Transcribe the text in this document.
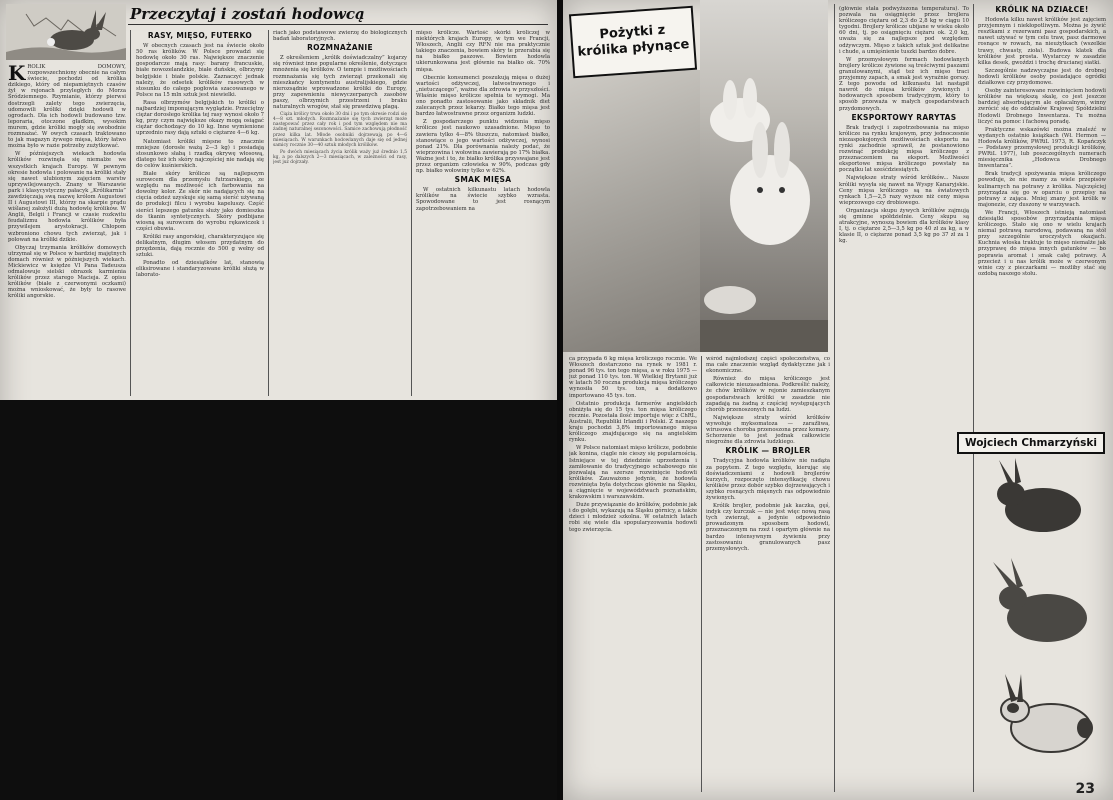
Przeczytaj i zostań hodowcą
K RÓLIK DOMOWY, rozpowszechniony obecnie na całym świecie, pochodzi od królika dzikiego, który od niepamiętnych czasów żył w rejonach przyległych do Morza Śródziemnego. Rzymianie, którzy pierwsi dostrzegli zalety tego zwierzęcia, udomowili króliki dzięki hodowli w ogrodach. Dla ich hodowli budowano tzw. leporaria, otoczone gładkim, wysokim murem, gdzie króliki mogły się swobodnie rozmnażać. W owych czasach traktowano to jak magazyn żywego mięsa, który łatwo można było w razie potrzeby zużytkować.

W późniejszych wiekach hodowla królików rozwinęła się niemalże we wszystkich krajach Europy. W pewnym okresie hodowla i polowanie na króliki stały się nawet ulubionym zajęciem warstw uprzywilejowanych. Znany w Warszawie park i klasycystyczny pałacyk „Królikarnia” zawdzięczają swą nazwę królom Augustowi II i Augustowi III, którzy na skarpie prądu wiślanej założyli dużą hodowlę królików. W Anglii, Belgii i Francji w czasie rozkwitu feudalizmu hodowla królików była przywilejem arystokracji. Chłopom wzbroniono chowu tych zwierząt, jak i polowań na króliki dzikie.

Obyczaj trzymania królików domowych utrzymał się w Polsce w bardziej majętnych domach również w późniejszych wiekach. Mickiewicz w księdze VI Pana Tadeusza odmalowuje sielski obrazek karmienia królików przez starego Macieja. Z opisu królików (białe z czerwonymi oczkami) można wnioskować, że były to rasowe króliki angorskie.

RASY, MIĘSO, FUTERKO

W obecnych czasach jest na świecie około 50 ras królików. W Polsce prowadzi się hodowlę około 30 ras. Największe znaczenie gospodarcze mają rasy: barany francuskie, białe nowozelandzkie, białe duńskie, olbrzymy belgijskie i białe polskie. Zaznaczyć jednak należy, że odsetek królików rasowych w stosunku do całego pogłowia szacowanego w Polsce na 15 mln sztuk jest niewielki.

Rasa olbrzymów belgijskich to króliki o najbardziej imponującym wyglądzie. Przeciętny ciężar dorosłego królika tej rasy wynosi około 7 kg, przy czym największe okazy mogą osiągać ciężar dochodzący do 10 kg. Inne wymienione uprzednio rasy dają sztuki o ciężarze 4—6 kg.

Natomiast króliki mięsne to znacznie mniejsze (dorosłe ważą 2—3 kg) i posiadają stosunkowo słabą i rzadką okrywę włosową, dlatego też ich skóry najczęściej nie nadają się do celów kuśnierskich.

Białe skóry królicze są najlepszym surowcem dla przemysłu futrzarskiego, ze względu na możliwość ich farbowania na dowolny kolor. Ze skór nie nadających się na cięcia odzież uzyskuje się samą sierść używaną do produkcji filcu i wyrobu kapeluszy. Część sierści lepszego gatunku służy jako domieszka do tkanin syntetycznych. Skóry podbijane wiosną są surowcem do wyrobu rękawiczek i części obuwia.

Króliki rasy angorskiej, charakteryzujące się delikatnym, długim włosem przydatnym do przędzenia, dają rocznie do 500 g wełny od sztuki.

Ponadto od dziesiątków lat, stanowią eliksirowane i standaryzowane króliki służą w laborato-

riach jako podstawowe zwierzę do biologicznych badań laboratoryjnych.

ROZMNAŻANIE

Z określeniem „królik doświadczalny” kojarzy się również inne popularne określenie, dotyczące mnożenia się królików. O tempie i możliwościach rozmnażania się tych zwierząt przekonali się mieszkańcy kontynentu australijskiego, gdzie nierozsądnie wprowadzone króliki do Europy, przy zapewnieniu niewyczerpanych zasobów paszy, olbrzymich przestrzeni i braku naturalnych wrogów, stał się prawdziwą plagą.

Ciąża królicy trwa około 30 dni i po tym okresie rodzi się 4—8 szt. młodych. Rozmnażanie się tych zwierząt może następować przez cały rok i pod tym względem nie ma żadnej naturalnej sezonowości. Samice zachowują płodność przez kilka lat. Młode osobniki dojrzewają po 4—6 miesiącach. W warunkach hodowlanych daje się od jednej samicy rocznie 30—40 sztuk młodych królików.

Po dwóch miesiącach życia królik waży już średnio 1,5 kg, a po dalszych 2—3 miesiącach, w zależności od rasy, jest już dojrzały.

mięso królicze. Wartość skórki króliczej w niektórych krajach Europy, w tym we Francji, Włoszech, Anglii czy RFN nie ma praktycznie takiego znaczenia, bowiem skóry te przerabia się na białko paszowe. Bowiem hodowla ukierunkowana jest głównie na białko ok. 70% mięsa.

Obecnie konsumenci poszukują mięsa o dużej wartości odżywczej, łatwostrawnego i „nietuczącego”, ważne dla zdrowia w przyszłości. Właśnie mięso królicze spełnia te wymogi. Ma ono ponadto zastosowanie jako składnik diet zalecanych przez lekarzy. Białko tego mięsa jest bardzo łatwostrawne przez organizm ludzki.

Z gospodarczego punktu widzenia mięso królicze jest naukowo uzasadnione. Mięso to zawiera tylko 4—8% tłuszczu, natomiast białko, stanowiące o jego wartości odżywczej, wynosi ponad 21%. Dla porównania należy podać, że wieprzowina i wołowina zawierają po 17% białka. Ważne jest i to, że białko królika przyswajane jest przez organizm człowieka w 90%, podczas gdy np. białko wołowiny tylko w 62%.

SMAK MIĘSA

W ostatnich kilkunastu latach hodowla królików na świecie szybko wzrasta. Spowodowane to jest rosnącym zapotrzebowaniem na

Pożytki z królika płynące

ca przypada 6 kg mięsa króliczego rocznie. We Włoszech dostarczono na rynek w 1981 r. ponad 96 tys. ton tego mięsa, a w roku 1975 — już ponad 110 tys. ton. W Wielkiej Brytanii już w latach 50 roczna produkcja mięsa króliczego wynosiła 50 tys. ton, a dodatkowo importowano 45 tys. ton.

Ostatnio produkcja farmerów angielskich obniżyła się do 15 tys. ton mięsa króliczego rocznie. Pozostała ilość importuje więc z ChRL, Australii, Republiki Irlandii i Polski. Z naszego kraju pochodzi 3,8% importowanego mięsa króliczego znajdującego się na angielskim rynku.

W Polsce natomiast mięso królicze, podobnie jak konina, ciągle nie cieszy się popularnością. Istniejące w tej dziedzinie uprzedzenia i zamiłowanie do tradycyjnego schabowego nie pozwalają na szersze rozwinięcie hodowli królików. Zauważono jedynie, że hodowla rozwinięta była dotychczas głównie na Śląsku, a ciągnięcie w województwach poznańskim, krakowskim i warszawskim.

Duże przywiązanie do królików, podobnie jak i do gołębi, wykazują na Śląsku górnicy, a także dzieci i młodzież szkolna. W ostatnich latach robi się wiele dla spopularyzowania hodowli tego zwierzęcia.

wśród najmłodszej części społeczeństwa, co ma całe znaczenie wzgląd dydaktyczne jak i ekonomiczne.

Również do mięsa króliczego jest całkowicie nieuzasadniona. Podkreślić należy, że chów królików w rejonie zamieszkanym gospodarstwach króliki w zasadzie nie zapadają na żadną z częściej występujących chorób przenoszonych na ludzi.

Największe straty wśród królików wywołuje myksomatoza — zaraźliwa, wirusowa choroba przenoszona przez komary. Schorzenie to jest jednak całkowicie niegroźne dla zdrowia ludzkiego.

KRÓLIK — BROJLER

Tradycyjna hodowla królików nie nadąża za popytem. Z tego względu, kierując się doświadczeniami z hodowli brojlerów kurzych, rozpoczęto intensyfikację chowu królików przez dobór szybko dojrzewających i szybko rosnących mięsnych ras odpowiednio żywionych.

Królik brojler, podobnie jak kaczka, gęś, indyk czy kurczak — nie jest więc nową rasą tych zwierząt, a jedynie odpowiednio prowadzonym sposobem hodowli, przeznaczonym na rzeź i opartym głównie na bardzo intensywnym żywieniu przy zastosowaniu granulowanych pasz przemysłowych.

(głównie stała podwyższona temperatura). To pozwala na osiągnięcie przez brojlera króliczego ciężaru od 2,3 do 2,8 kg w ciągu 10 tygodni. Brojlery królicze ubijane w wieku około 60 dni, tj. po osiągnięciu ciężaru ok. 2,0 kg, uważa się za najlepsze pod względem odżywczym. Mięso z takich sztuk jest delikatne i chude, a umięśnienie tuszki bardzo dobre.

W przemysłowym fermach hodowlanych brojlery królicze żywione są treściwymi paszami granulowanymi, stąd też ich mięso traci przyjemny zapach, a smak jest wyraźnie gorszy. Z tego powodu od kilkunastu lat nastąpił nawrót do mięsa królików żywionych i hodowanych sposobem tradycyjnym, który to sposób przeważa w małych gospodarstwach przydomowych.

EKSPORTOWY RARYTAS

Brak tradycji i zapotrzebowania na mięso królicze na rynku krajowym, przy jednoczesnie niezaspokojonych możliwościach eksportu na rynki zachodnie sprawił, że postanowiono rozwinąć produkcję mięsa króliczego z przeznaczeniem na eksport. Możliwości eksportowe mięsa króliczego powstały na początku lat sześćdziesiątych.

Największe straty wśród królików... Nasze króliki wysyła się nawet na Wyspy Kanaryjskie. Ceny mięsa króliczego są na światowych rynkach 1,5—2,5 razy wyższe niż ceny mięsa wieprzowego czy drobiowego.

Organizacja skupu żywych królików zajmują się gminne spółdzielnie. Ceny skupu są atrakcyjne, wynoszą bowiem dla królików klasy I, tj. o ciężarze 2,5—3,5 kg po 40 zł za kg, a w klasie II, o ciężarze ponad 3,5 kg po 37 zł za 1 kg.

KRÓLIK NA DZIAŁCE!

Hodowla kilku nawet królików jest zajęciem przyjemnym i niekłopotliwym. Można je żywić resztkami z rezerwami pasz gospodarskich, a nawet używać w tym celu traw, pasz darmowe rosnące w rowach, na nieużytkach (wszelkie trawy, chwasty, zioła). Budowa klatek dla królików jest prosta. Wystarczy w zasadzie kilka desek, gwoździ i trochę drucianej siatki.

Szczególnie nadzwyczajne jest do drobnej hodowli królików osoby posiadające ogródki działkowe czy przydomowe.

Osoby zainteresowane rozwinięciem hodowli królików na większą skalę, co jest jeszcze bardziej absorbującym ale opłacalnym, winny zwrócić się do oddziałów Krajowej Spółdzielni Hodowli Drobnego Inwentarza. Tu można liczyć na pomoc i fachową poradę.

Praktyczne wskazówki można znaleźć w wydanych ostatnio książkach (Wł. Hermon — Hodowla królików, PWRiL 1973, R. Kopańczyk — Podstawy przemysłowej produkcji królików, PWRiL 1977), lub poszczególnych numerach miesięcznika „Hodowca Drobnego Inwentarza”.

Brak tradycji spożywania mięsa króliczego powoduje, że nie mamy za wiele przepisów kulinarnych na potrawy z królika. Najczęściej przyrządza się go w oparciu o przepisy na potrawy z zająca. Mniej znany jest królik w majonezie, czy duszony w warzywach.

We Francji, Włoszech istnieją natomiast dziesiątki sposobów przyrządzania mięsa króliczego. Stało się ono w wielu krajach niemal potrawą narodową, podawaną na stół przy szczególnie uroczystych okazjach. Kuchnia włoska traktuje to mięso niemalże jak przyprawę do mięsa innych gatunków — bo poprawia aromat i smak całej potrawy. A przecież i u nas królik może w czerwonym winie czy z pieczarkami — możliby stać się ozdobą naszego stołu.

Wojciech Chmarzyński
23
